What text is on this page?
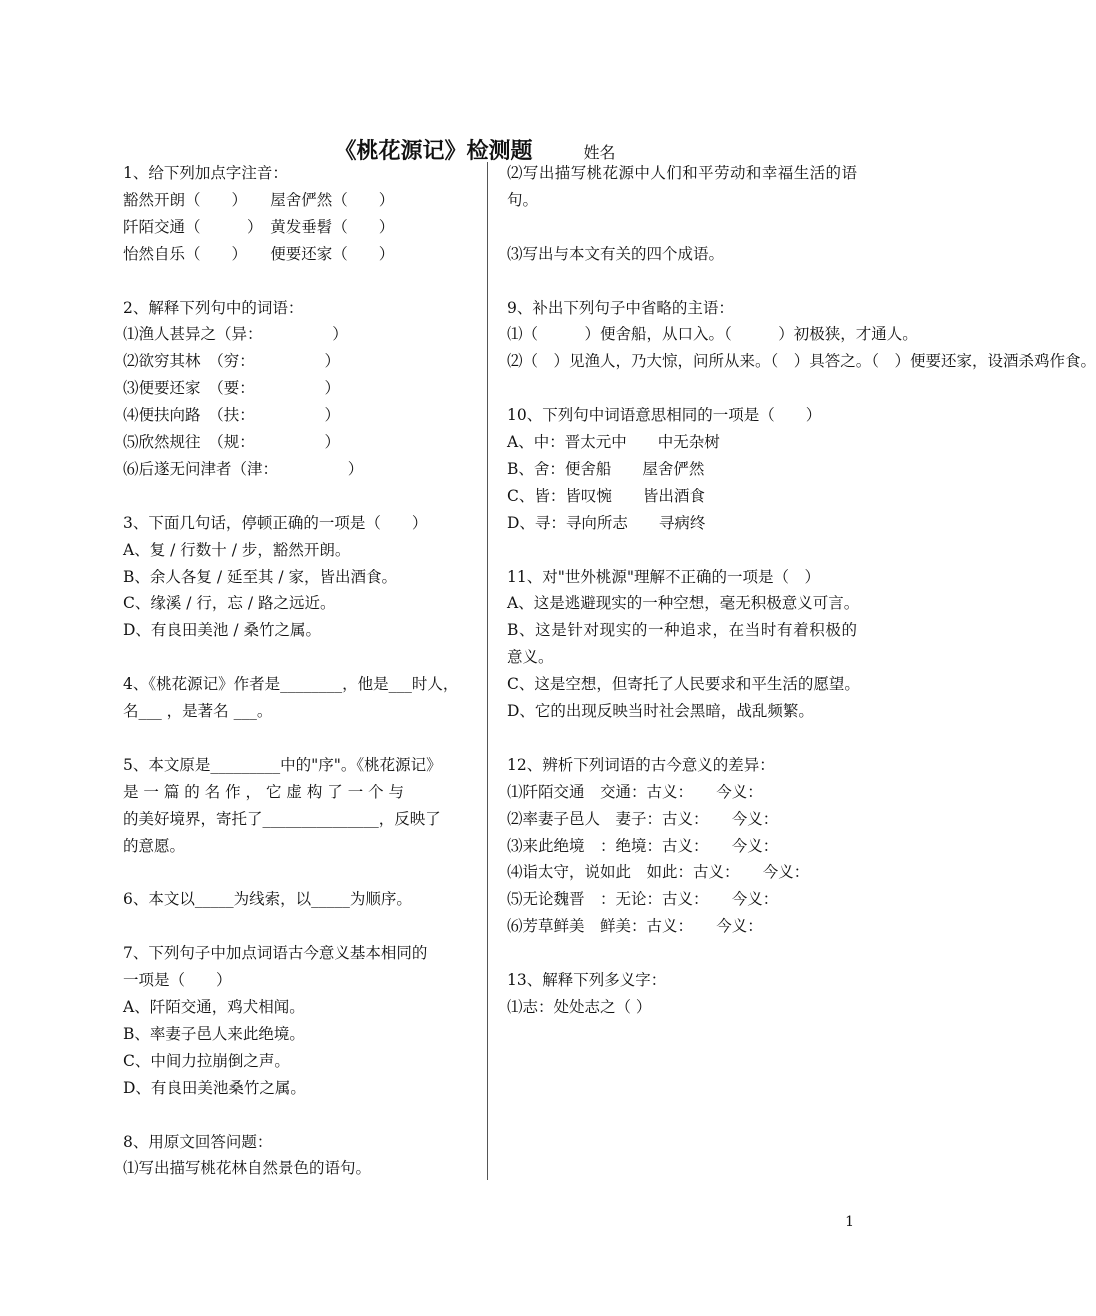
《桃花源记》检测题	姓名
1、给下列加点字注音：
豁然开朗（　　）　　屋舍俨然（　　）
阡陌交通（　　　）　黄发垂髫（　　）
怡然自乐（　　）　　便要还家（　　）
2、解释下列句中的词语：
⑴渔人甚异之（异：　　　　　）
⑵欲穷其林　（穷：　　　　　）
⑶便要还家　（要：　　　　　）
⑷便扶向路　（扶：　　　　　）
⑸欣然规往　（规：　　　　　）
⑹后遂无问津者（津：　　　　　）
3、下面几句话，停顿正确的一项是（　　）
A、复 / 行数十 / 步，豁然开朗。
B、余人各复 / 延至其 / 家，皆出酒食。
C、缘溪 / 行，忘 / 路之远近。
D、有良田美池 / 桑竹之属。
4、《桃花源记》作者是________，他是___时人，
名___ ，是著名 ___。
5、本文原是_________中的"序"。《桃花源记》
是 一 篇 的 名 作 ， 它 虚 构 了 一 个 与
的美好境界，寄托了_______________，反映了
的意愿。
6、本文以_____为线索，以_____为顺序。
7、下列句子中加点词语古今意义基本相同的
一项是（　　）
A、阡陌交通，鸡犬相闻。
B、率妻子邑人来此绝境。
C、中间力拉崩倒之声。
D、有良田美池桑竹之属。
8、用原文回答问题：
⑴写出描写桃花林自然景色的语句。
⑵写出描写桃花源中人们和平劳动和幸福生活的语句。
⑶写出与本文有关的四个成语。
9、补出下列句子中省略的主语：
⑴（　　　）便舍船，从口入。（　　　）初极狭，才通人。
⑵（　）见渔人，乃大惊，问所从来。（　）具答之。（　）便要还家，设酒杀鸡作食。
10、下列句中词语意思相同的一项是（　　）
A、中：晋太元中　　中无杂树
B、舍：便舍船　　屋舍俨然
C、皆：皆叹惋　　皆出酒食
D、寻：寻向所志　　寻病终
11、对"世外桃源"理解不正确的一项是（　）
A、这是逃避现实的一种空想，毫无积极意义可言。
B、这是针对现实的一种追求，在当时有着积极的意义。
C、这是空想，但寄托了人民要求和平生活的愿望。
D、它的出现反映当时社会黑暗，战乱频繁。
12、辨析下列词语的古今意义的差异：
⑴阡陌交通　交通：古义：　　今义：
⑵率妻子邑人　妻子：古义：　　今义：
⑶来此绝境　：绝境：古义：　　今义：
⑷诣太守，说如此　如此：古义：　　今义：
⑸无论魏晋　：无论：古义：　　今义：
⑹芳草鲜美　鲜美：古义：　　今义：
13、解释下列多义字：
⑴志：处处志之（ ）
1
